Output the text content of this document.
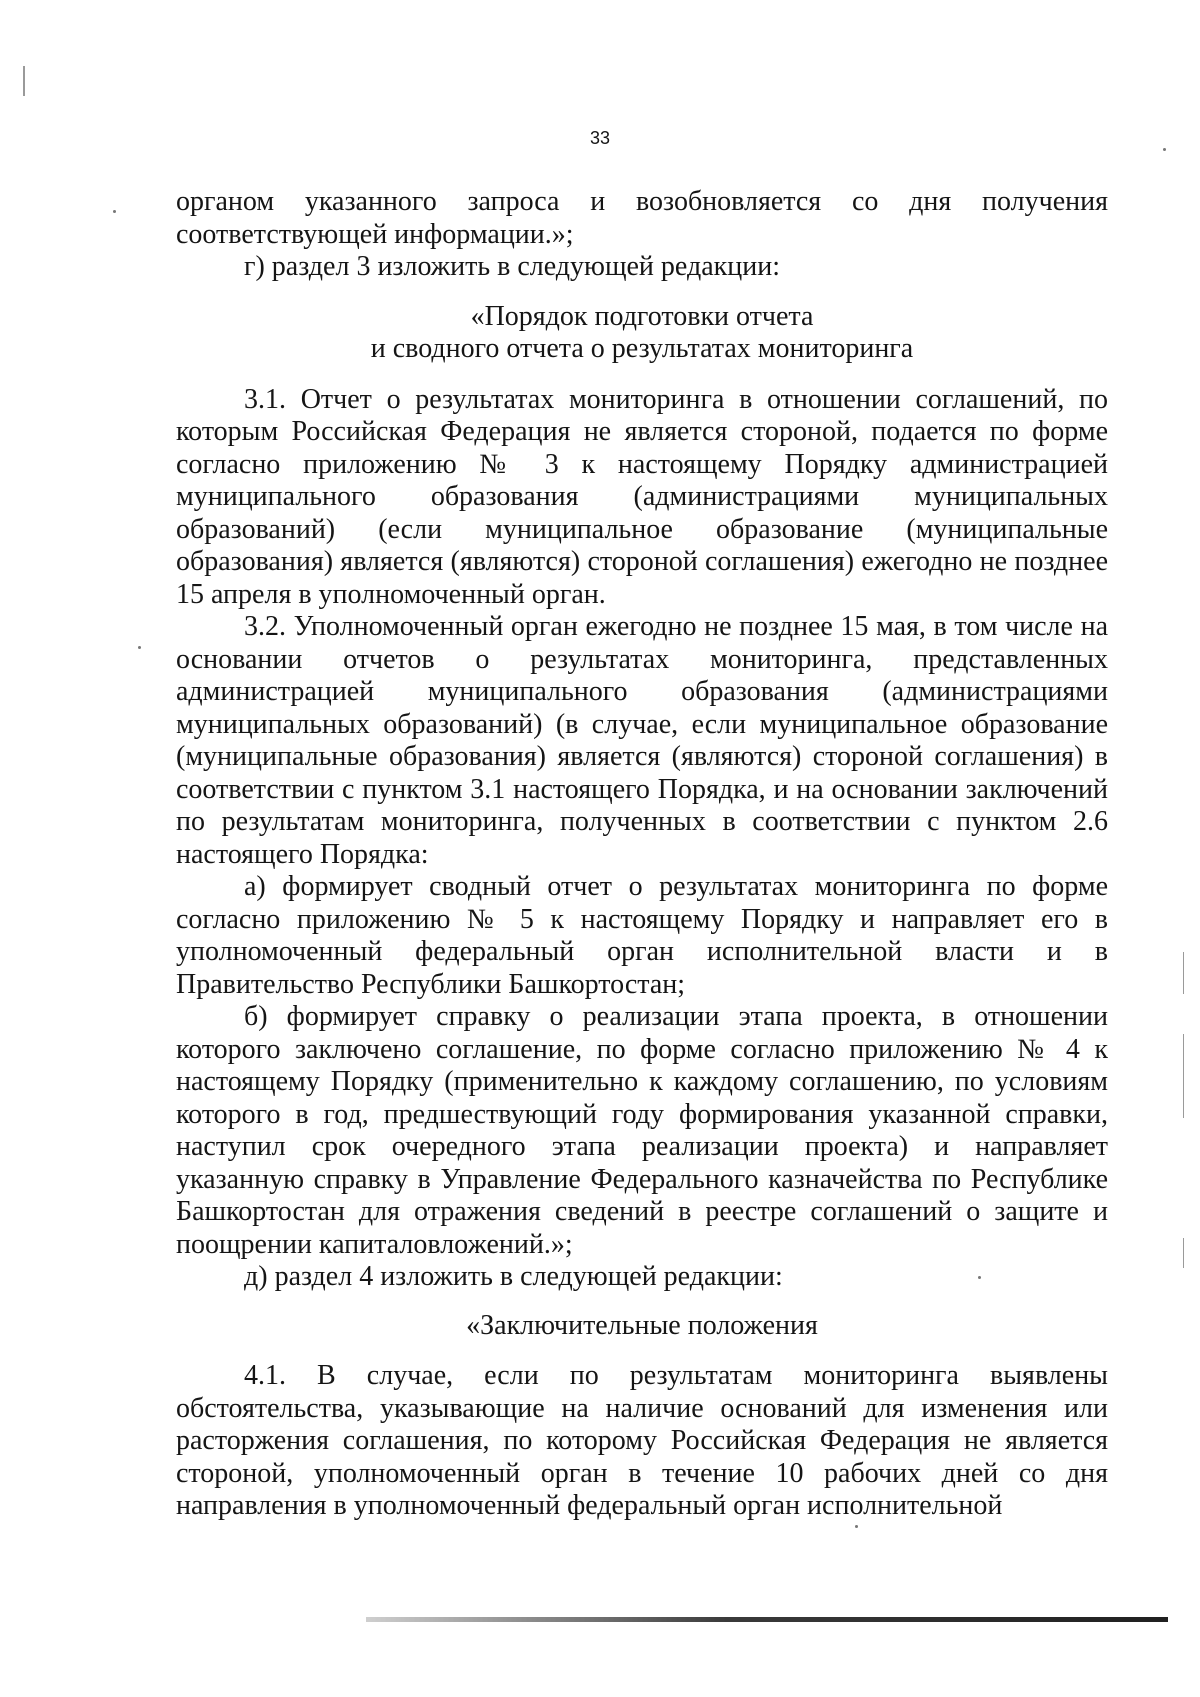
33

органом указанного запроса и возобновляется со дня получения соответствующей информации.»;

г) раздел 3 изложить в следующей редакции:

«Порядок подготовки отчета
и сводного отчета о результатах мониторинга

3.1. Отчет о результатах мониторинга в отношении соглашений, по которым Российская Федерация не является стороной, подается по форме согласно приложению № 3 к настоящему Порядку администрацией муниципального образования (администрациями муниципальных образований) (если муниципальное образование (муниципальные образования) является (являются) стороной соглашения) ежегодно не позднее 15 апреля в уполномоченный орган.

3.2. Уполномоченный орган ежегодно не позднее 15 мая, в том числе на основании отчетов о результатах мониторинга, представленных администрацией муниципального образования (администрациями муниципальных образований) (в случае, если муниципальное образование (муниципальные образования) является (являются) стороной соглашения) в соответствии с пунктом 3.1 настоящего Порядка, и на основании заключений по результатам мониторинга, полученных в соответствии с пунктом 2.6 настоящего Порядка:

а) формирует сводный отчет о результатах мониторинга по форме согласно приложению № 5 к настоящему Порядку и направляет его в уполномоченный федеральный орган исполнительной власти и в Правительство Республики Башкортостан;

б) формирует справку о реализации этапа проекта, в отношении которого заключено соглашение, по форме согласно приложению № 4 к настоящему Порядку (применительно к каждому соглашению, по условиям которого в год, предшествующий году формирования указанной справки, наступил срок очередного этапа реализации проекта) и направляет указанную справку в Управление Федерального казначейства по Республике Башкортостан для отражения сведений в реестре соглашений о защите и поощрении капиталовложений.»;

д) раздел 4 изложить в следующей редакции:

«Заключительные положения

4.1. В случае, если по результатам мониторинга выявлены обстоятельства, указывающие на наличие оснований для изменения или расторжения соглашения, по которому Российская Федерация не является стороной, уполномоченный орган в течение 10 рабочих дней со дня направления в уполномоченный федеральный орган исполнительной
